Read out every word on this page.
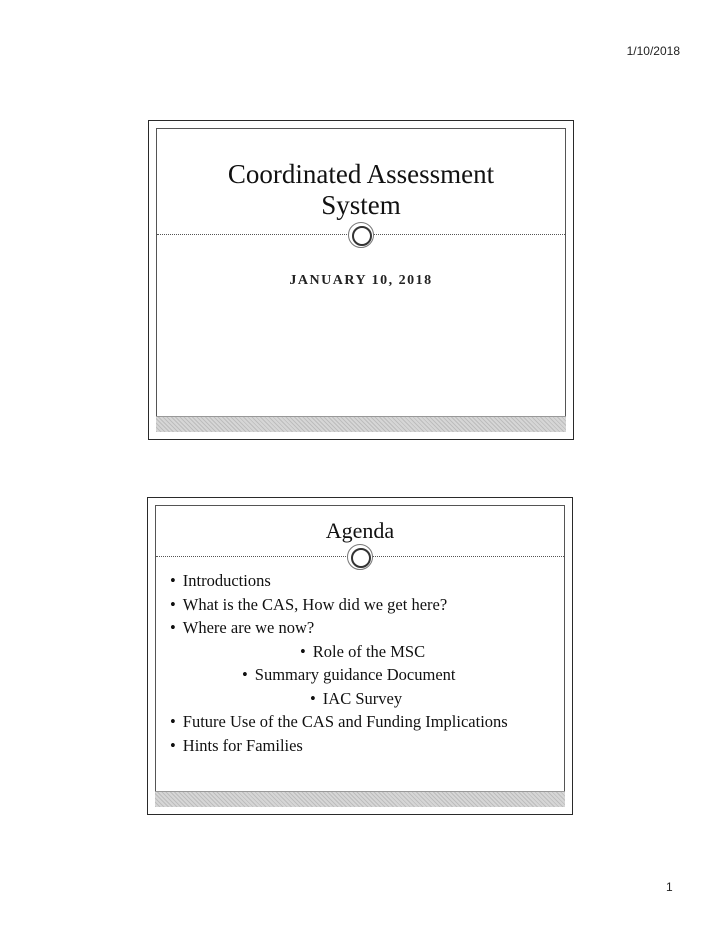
1/10/2018
Coordinated Assessment
System
JANUARY 10, 2018
Agenda
• Introductions
• What is the CAS, How did we get here?
• Where are we now?
• Role of the MSC
• Summary guidance Document
• IAC Survey
• Future Use of the CAS and Funding Implications
• Hints for Families
1
